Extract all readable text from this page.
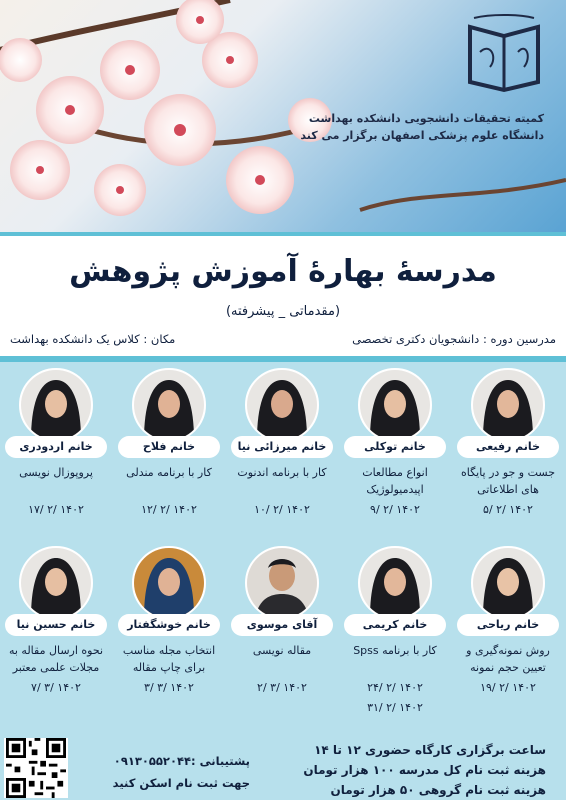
کمیته تحقیقات دانشجویی دانشکده بهداشت
دانشگاه علوم پزشکی اصفهان برگزار می کند
مدرسهٔ بهارهٔ آموزش پژوهش
(مقدماتی _ پیشرفته)
مدرسین دوره : دانشجویان دکتری تخصصی
مکان : کلاس یک دانشکده بهداشت
خانم رفیعی
جست و جو در پایگاه های اطلاعاتی
۱۴۰۲ /۲ /۵
خانم توکلی
انواع مطالعات اپیدمیولوژیک
۱۴۰۲ /۲ /۹
خانم میرزائی نیا
کار با برنامه اندنوت
۱۴۰۲ /۲ /۱۰
خانم فلاح
کار با برنامه مندلی
۱۴۰۲ /۲ /۱۲
خانم اردودری
پروپوزال نویسی
۱۴۰۲ /۲ /۱۷
خانم ریاحی
روش نمونه‌گیری و تعیین حجم نمونه
۱۴۰۲ /۲ /۱۹
خانم کریمی
کار با برنامه Spss
۱۴۰۲ /۲ /۲۴
۱۴۰۲ /۲ /۳۱
آقای موسوی
مقاله نویسی
۱۴۰۲ /۳ /۲
خانم خوشگفتار
انتخاب مجله مناسب برای چاپ مقاله
۱۴۰۲ /۳ /۳
خانم حسین نیا
نحوه ارسال مقاله به مجلات علمی معتبر
۱۴۰۲ /۳ /۷
ساعت برگزاری کارگاه حضوری ۱۲ تا ۱۴
هزینه ثبت نام کل مدرسه ۱۰۰ هزار تومان
هزینه ثبت نام گروهی ۵۰ هزار تومان
پشتیبانی :۰۹۱۳۰۵۵۲۰۴۴
جهت ثبت نام اسکن کنید
